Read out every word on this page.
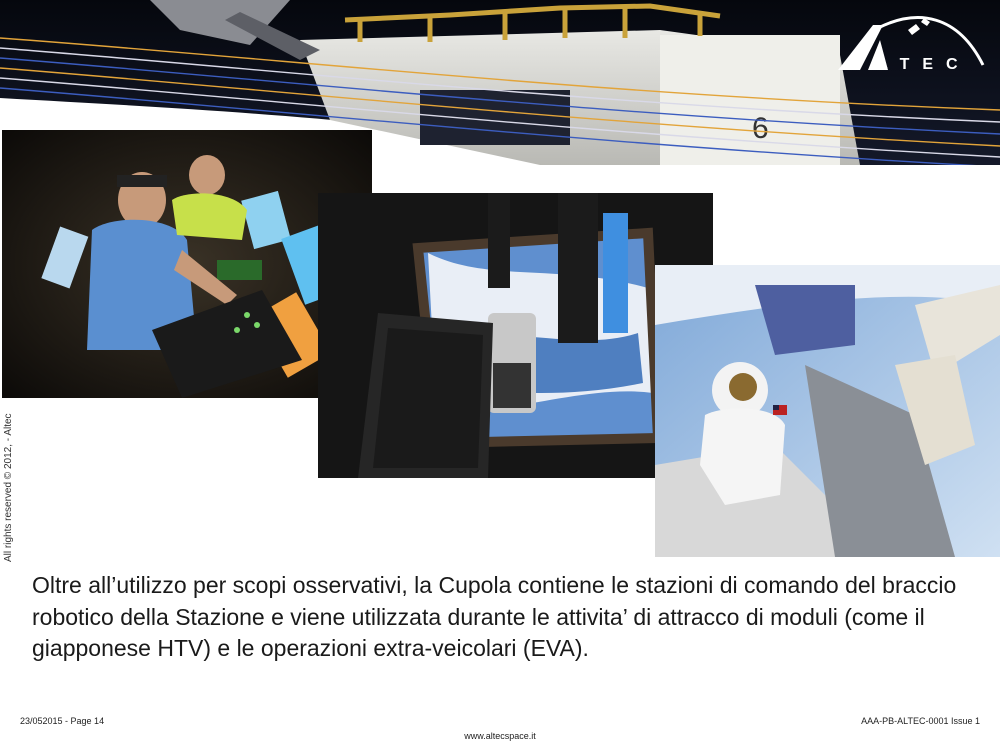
6
LTEC
All rights reserved © 2012, - Altec

Oltre all’utilizzo per scopi osservativi, la Cupola contiene le stazioni di comando del braccio robotico della Stazione e viene utilizzata durante le attivita’ di attracco di moduli (come il giapponese HTV) e le operazioni extra-veicolari (EVA).

23/052015 - Page 14	AAA-PB-ALTEC-0001 Issue 1
www.altecspace.it
